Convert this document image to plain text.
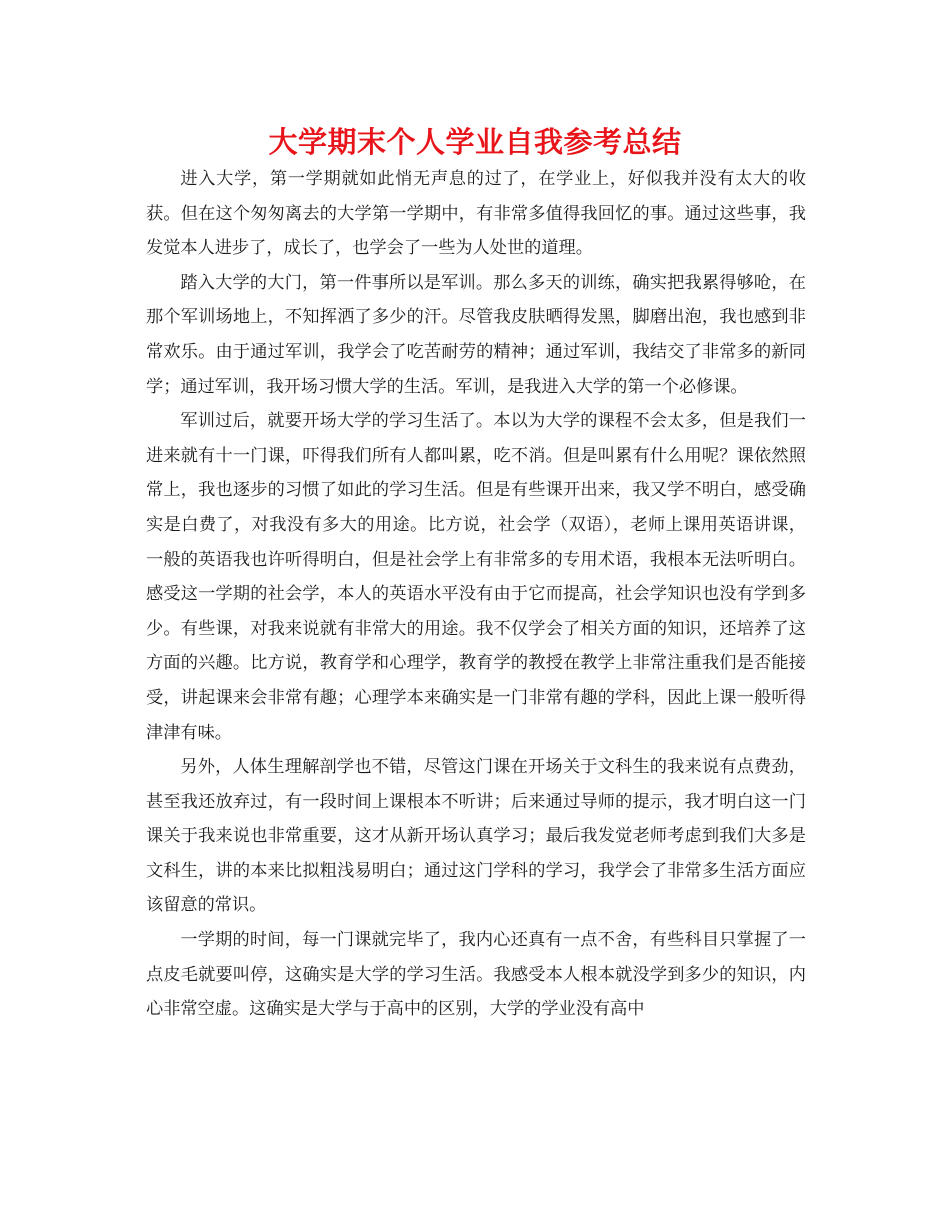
大学期末个人学业自我参考总结

进入大学，第一学期就如此悄无声息的过了，在学业上，好似我并没有太大的收获。但在这个匆匆离去的大学第一学期中，有非常多值得我回忆的事。通过这些事，我发觉本人进步了，成长了，也学会了一些为人处世的道理。

踏入大学的大门，第一件事所以是军训。那么多天的训练，确实把我累得够呛，在那个军训场地上，不知挥洒了多少的汗。尽管我皮肤晒得发黑，脚磨出泡，我也感到非常欢乐。由于通过军训，我学会了吃苦耐劳的精神；通过军训，我结交了非常多的新同学；通过军训，我开场习惯大学的生活。军训，是我进入大学的第一个必修课。

军训过后，就要开场大学的学习生活了。本以为大学的课程不会太多，但是我们一进来就有十一门课，吓得我们所有人都叫累，吃不消。但是叫累有什么用呢？课依然照常上，我也逐步的习惯了如此的学习生活。但是有些课开出来，我又学不明白，感受确实是白费了，对我没有多大的用途。比方说，社会学（双语），老师上课用英语讲课，一般的英语我也许听得明白，但是社会学上有非常多的专用术语，我根本无法听明白。感受这一学期的社会学，本人的英语水平没有由于它而提高，社会学知识也没有学到多少。有些课，对我来说就有非常大的用途。我不仅学会了相关方面的知识，还培养了这方面的兴趣。比方说，教育学和心理学，教育学的教授在教学上非常注重我们是否能接受，讲起课来会非常有趣；心理学本来确实是一门非常有趣的学科，因此上课一般听得津津有味。

另外，人体生理解剖学也不错，尽管这门课在开场关于文科生的我来说有点费劲，甚至我还放弃过，有一段时间上课根本不听讲；后来通过导师的提示，我才明白这一门课关于我来说也非常重要，这才从新开场认真学习；最后我发觉老师考虑到我们大多是文科生，讲的本来比拟粗浅易明白；通过这门学科的学习，我学会了非常多生活方面应该留意的常识。

一学期的时间，每一门课就完毕了，我内心还真有一点不舍，有些科目只掌握了一点皮毛就要叫停，这确实是大学的学习生活。我感受本人根本就没学到多少的知识，内心非常空虚。这确实是大学与于高中的区别，大学的学业没有高中
